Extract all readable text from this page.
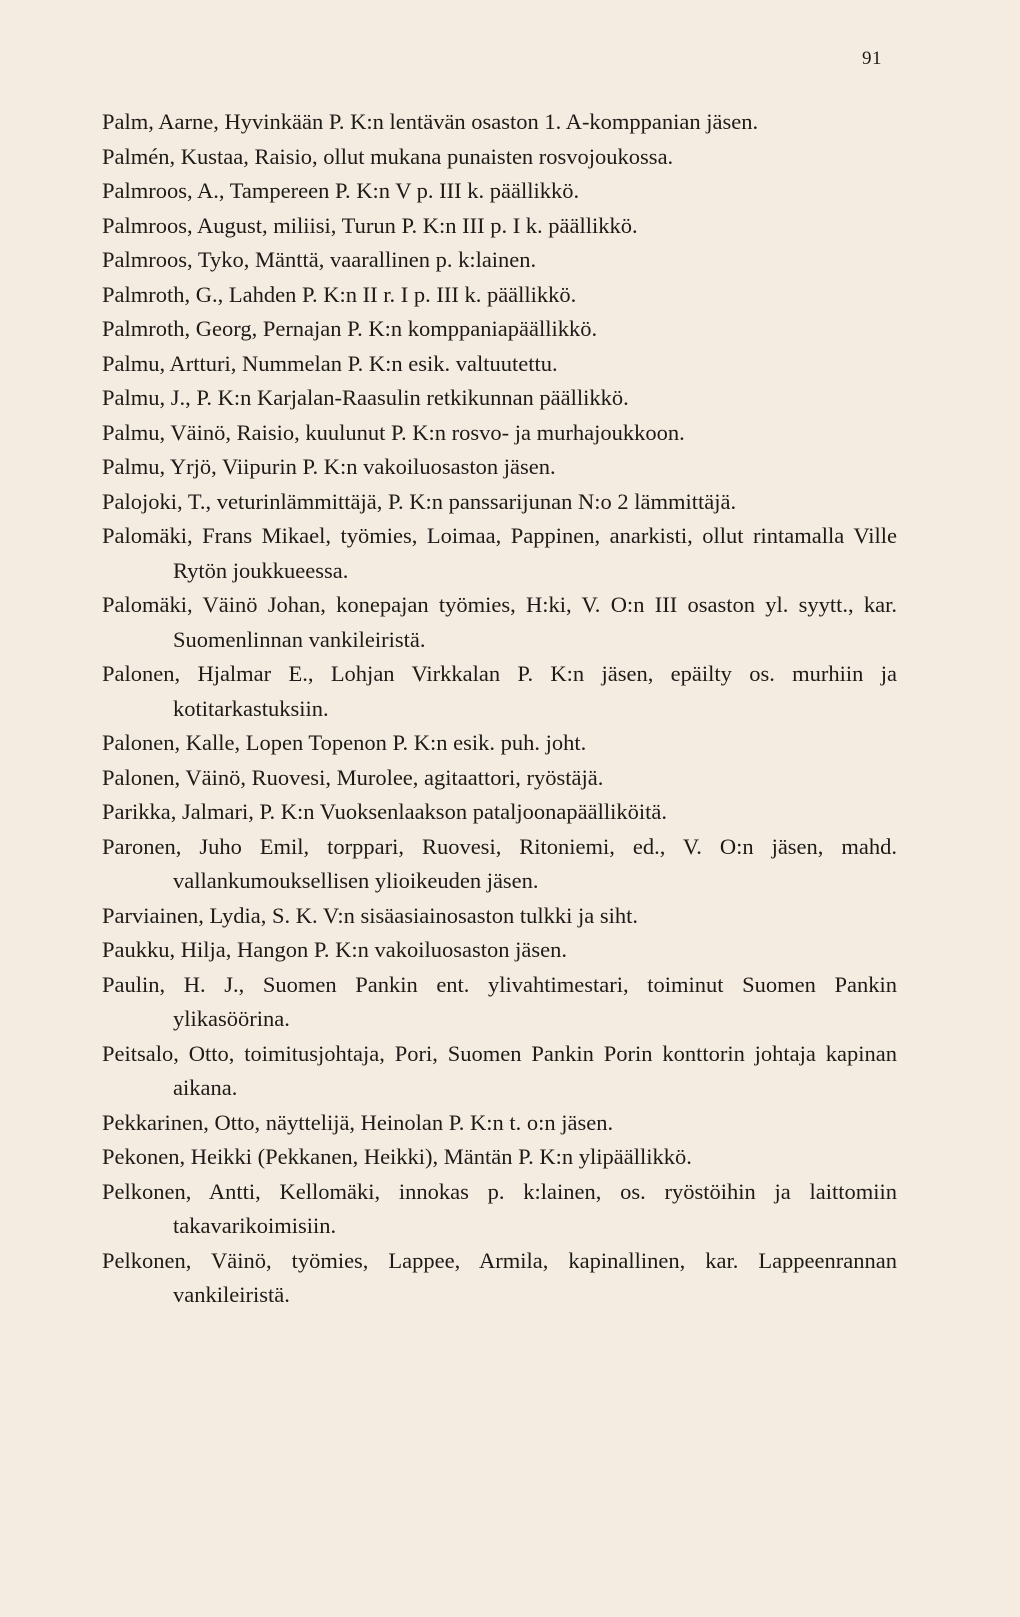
91

Palm, Aarne, Hyvinkään P. K:n lentävän osaston 1. A-komppanian jäsen.

Palmén, Kustaa, Raisio, ollut mukana punaisten rosvojoukossa.

Palmroos, A., Tampereen P. K:n V p. III k. päällikkö.

Palmroos, August, miliisi, Turun P. K:n III p. I k. päällikkö.

Palmroos, Tyko, Mänttä, vaarallinen p. k:lainen.

Palmroth, G., Lahden P. K:n II r. I p. III k. päällikkö.

Palmroth, Georg, Pernajan P. K:n komppaniapäällikkö.

Palmu, Artturi, Nummelan P. K:n esik. valtuutettu.

Palmu, J., P. K:n Karjalan-Raasulin retkikunnan päällikkö.

Palmu, Väinö, Raisio, kuulunut P. K:n rosvo- ja murhajoukkoon.

Palmu, Yrjö, Viipurin P. K:n vakoiluosaston jäsen.

Palojoki, T., veturinlämmittäjä, P. K:n panssarijunan N:o 2 lämmittäjä.

Palomäki, Frans Mikael, työmies, Loimaa, Pappinen, anarkisti, ollut rintamalla Ville Rytön joukkueessa.

Palomäki, Väinö Johan, konepajan työmies, H:ki, V. O:n III osaston yl. syytt., kar. Suomenlinnan vankileiristä.

Palonen, Hjalmar E., Lohjan Virkkalan P. K:n jäsen, epäilty os. murhiin ja kotitarkastuksiin.

Palonen, Kalle, Lopen Topenon P. K:n esik. puh. joht.

Palonen, Väinö, Ruovesi, Murolee, agitaattori, ryöstäjä.

Parikka, Jalmari, P. K:n Vuoksenlaakson pataljoonapäälliköitä.

Paronen, Juho Emil, torppari, Ruovesi, Ritoniemi, ed., V. O:n jäsen, mahd. vallankumouksellisen ylioikeuden jäsen.

Parviainen, Lydia, S. K. V:n sisäasiainosaston tulkki ja siht.

Paukku, Hilja, Hangon P. K:n vakoiluosaston jäsen.

Paulin, H. J., Suomen Pankin ent. ylivahtimestari, toiminut Suomen Pankin ylikasöörina.

Peitsalo, Otto, toimitusjohtaja, Pori, Suomen Pankin Porin konttorin johtaja kapinan aikana.

Pekkarinen, Otto, näyttelijä, Heinolan P. K:n t. o:n jäsen.

Pekonen, Heikki (Pekkanen, Heikki), Mäntän P. K:n ylipäällikkö.

Pelkonen, Antti, Kellomäki, innokas p. k:lainen, os. ryöstöihin ja laittomiin takavarikoimisiin.

Pelkonen, Väinö, työmies, Lappee, Armila, kapinallinen, kar. Lappeenrannan vankileiristä.
